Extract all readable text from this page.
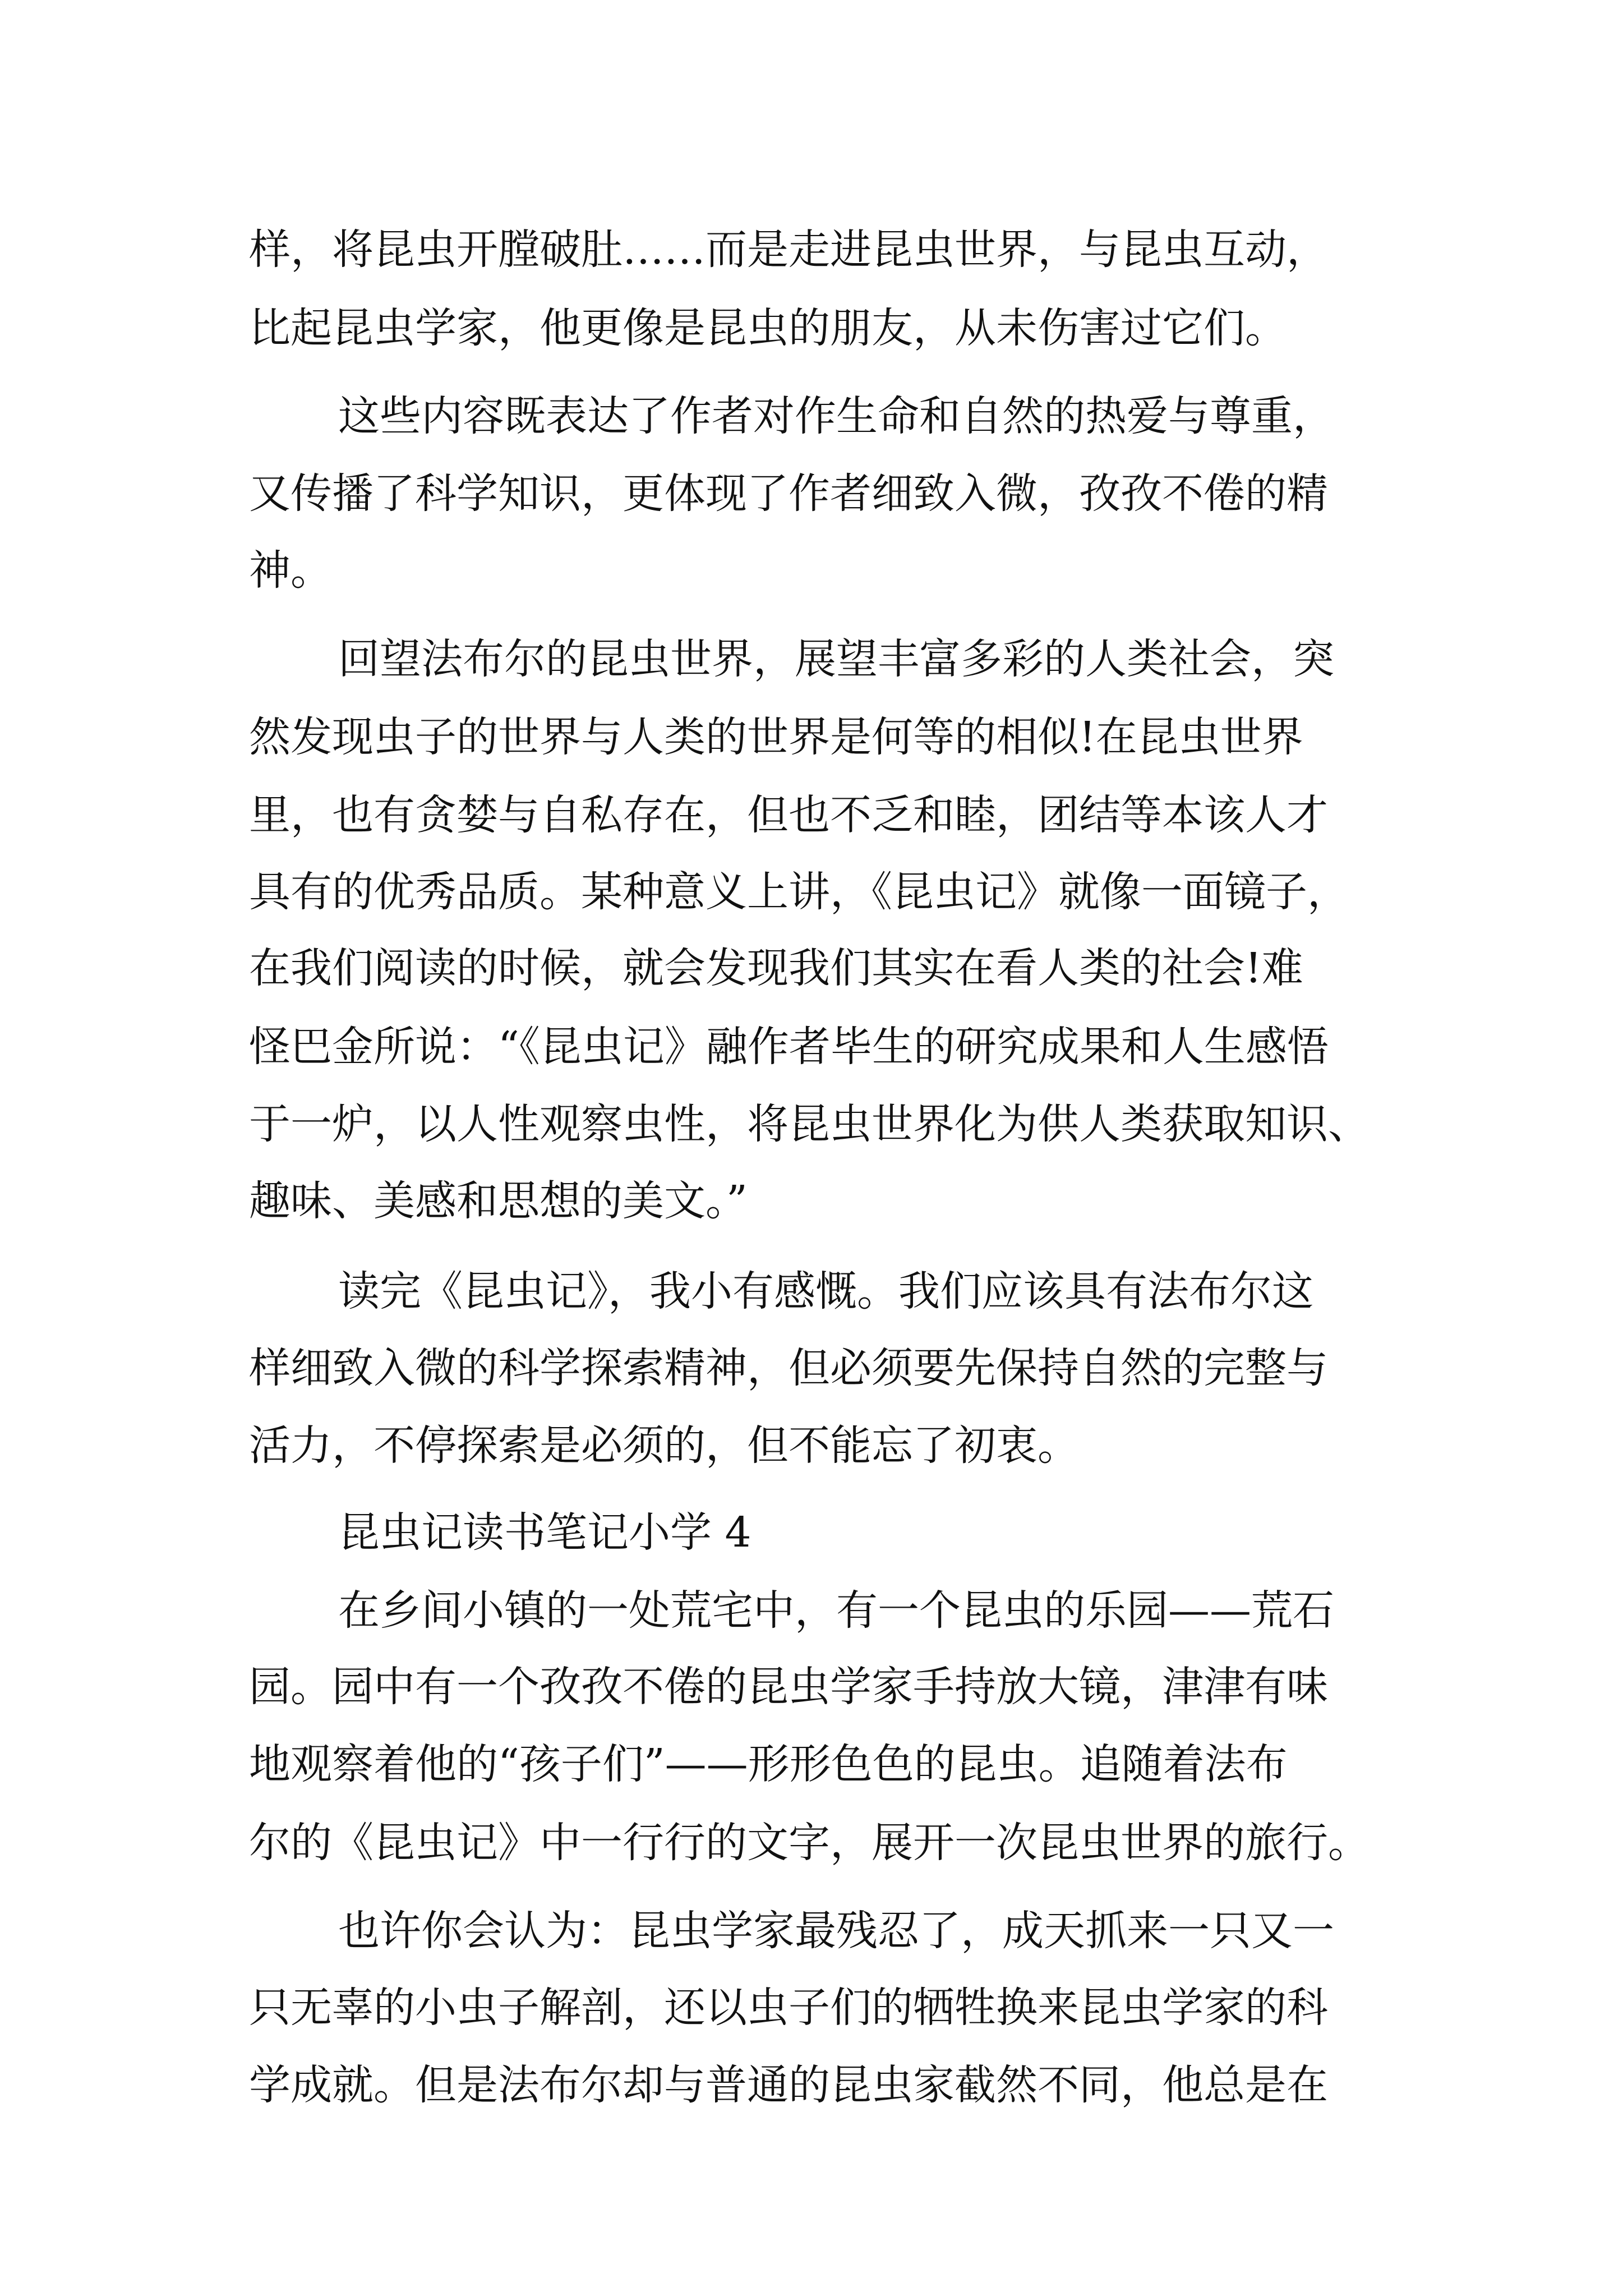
样，将昆虫开膛破肚……而是走进昆虫世界，与昆虫互动，
比起昆虫学家，他更像是昆虫的朋友，从未伤害过它们。
这些内容既表达了作者对作生命和自然的热爱与尊重，
又传播了科学知识，更体现了作者细致入微，孜孜不倦的精
神。
回望法布尔的昆虫世界，展望丰富多彩的人类社会，突
然发现虫子的世界与人类的世界是何等的相似!在昆虫世界
里，也有贪婪与自私存在，但也不乏和睦，团结等本该人才
具有的优秀品质。某种意义上讲，《昆虫记》就像一面镜子，
在我们阅读的时候，就会发现我们其实在看人类的社会!难
怪巴金所说：“《昆虫记》融作者毕生的研究成果和人生感悟
于一炉，以人性观察虫性，将昆虫世界化为供人类获取知识、
趣味、美感和思想的美文。”
读完《昆虫记》，我小有感慨。我们应该具有法布尔这
样细致入微的科学探索精神，但必须要先保持自然的完整与
活力，不停探索是必须的，但不能忘了初衷。
昆虫记读书笔记小学 4
在乡间小镇的一处荒宅中，有一个昆虫的乐园——荒石
园。园中有一个孜孜不倦的昆虫学家手持放大镜，津津有味
地观察着他的“孩子们”——形形色色的昆虫。追随着法布
尔的《昆虫记》中一行行的文字，展开一次昆虫世界的旅行。
也许你会认为：昆虫学家最残忍了，成天抓来一只又一
只无辜的小虫子解剖，还以虫子们的牺牲换来昆虫学家的科
学成就。但是法布尔却与普通的昆虫家截然不同，他总是在
